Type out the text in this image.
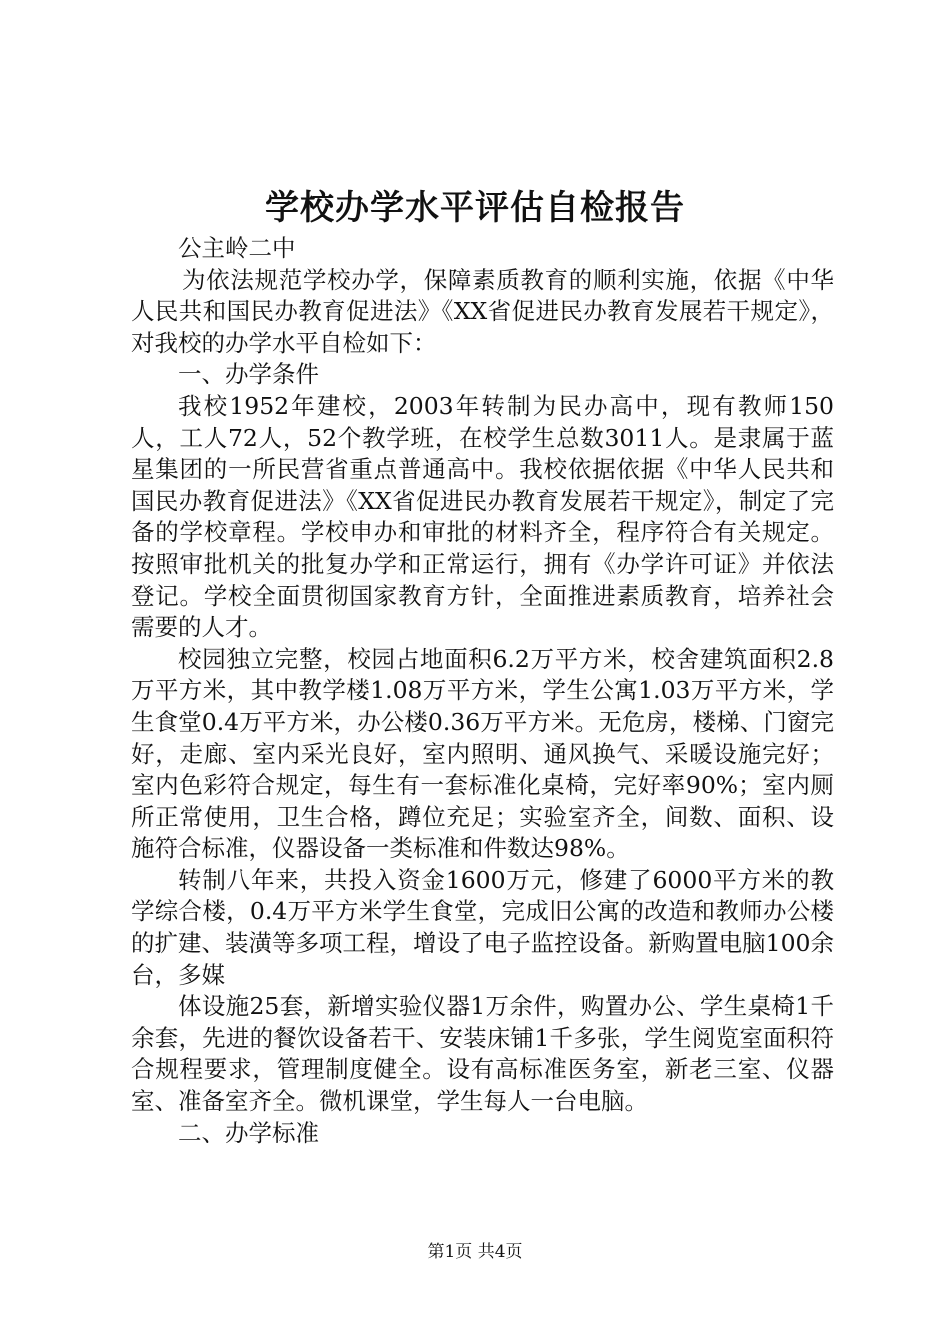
学校办学水平评估自检报告

公主岭二中

为依法规范学校办学，保障素质教育的顺利实施，依据《中华人民共和国民办教育促进法》《XX省促进民办教育发展若干规定》，对我校的办学水平自检如下：

一、办学条件

我校1952年建校，2003年转制为民办高中，现有教师150人，工人72人，52个教学班，在校学生总数3011人。是隶属于蓝星集团的一所民营省重点普通高中。我校依据依据《中华人民共和国民办教育促进法》《XX省促进民办教育发展若干规定》，制定了完备的学校章程。学校申办和审批的材料齐全，程序符合有关规定。按照审批机关的批复办学和正常运行，拥有《办学许可证》并依法登记。学校全面贯彻国家教育方针，全面推进素质教育，培养社会需要的人才。

校园独立完整，校园占地面积6.2万平方米，校舍建筑面积2.8万平方米，其中教学楼1.08万平方米，学生公寓1.03万平方米，学生食堂0.4万平方米，办公楼0.36万平方米。无危房，楼梯、门窗完好，走廊、室内采光良好，室内照明、通风换气、采暖设施完好；室内色彩符合规定，每生有一套标准化桌椅，完好率90%；室内厕所正常使用，卫生合格，蹲位充足；实验室齐全，间数、面积、设施符合标准，仪器设备一类标准和件数达98%。

转制八年来，共投入资金1600万元，修建了6000平方米的教学综合楼，0.4万平方米学生食堂，完成旧公寓的改造和教师办公楼的扩建、装潢等多项工程，增设了电子监控设备。新购置电脑100余台，多媒

体设施25套，新增实验仪器1万余件，购置办公、学生桌椅1千余套，先进的餐饮设备若干、安装床铺1千多张，学生阅览室面积符合规程要求，管理制度健全。设有高标准医务室，新老三室、仪器室、准备室齐全。微机课堂，学生每人一台电脑。

二、办学标准

第1页 共4页
